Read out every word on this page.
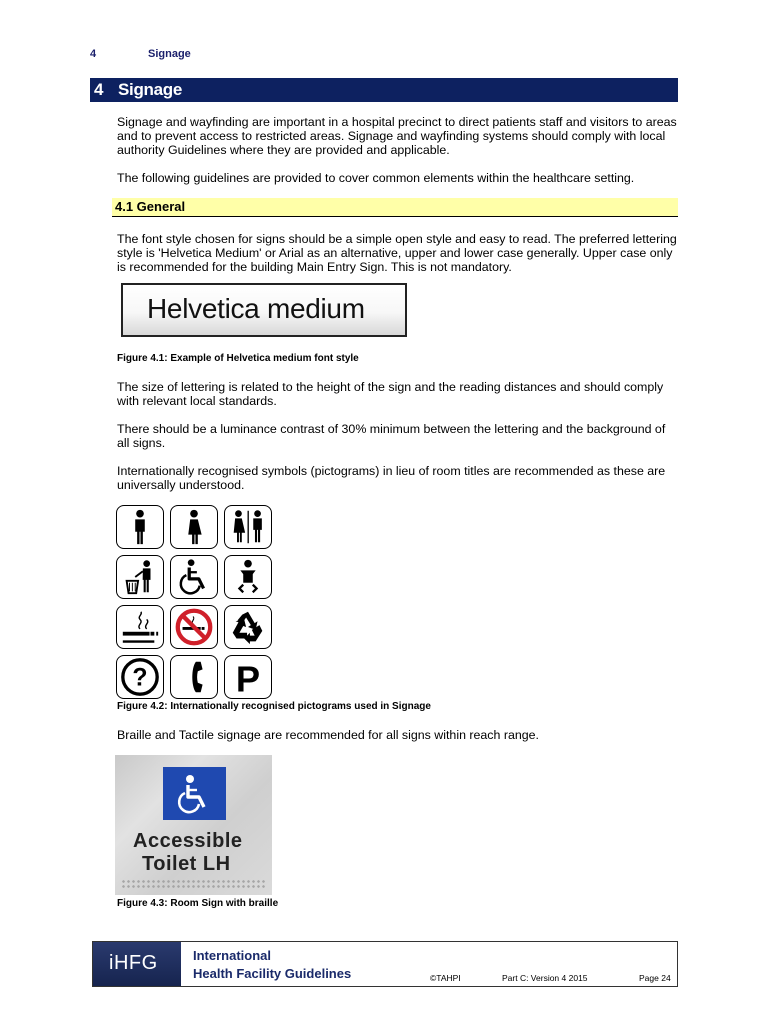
4	Signage
4 Signage
Signage and wayfinding are important in a hospital precinct to direct patients staff and visitors to areas and to prevent access to restricted areas. Signage and wayfinding systems should comply with local authority Guidelines where they are provided and applicable.
The following guidelines are provided to cover common elements within the healthcare setting.
4.1 General
The font style chosen for signs should be a simple open style and easy to read. The preferred lettering style is 'Helvetica Medium' or Arial as an alternative, upper and lower case generally. Upper case only is recommended for the building Main Entry Sign. This is not mandatory.
Helvetica medium
Figure 4.1: Example of Helvetica medium font style
The size of lettering is related to the height of the sign and the reading distances and should comply with relevant local standards.
There should be a luminance contrast of 30% minimum between the lettering and the background of all signs.
Internationally recognised symbols (pictograms) in lieu of room titles are recommended as these are universally understood.
? P
Figure 4.2: Internationally recognised pictograms used in Signage
Braille and Tactile signage are recommended for all signs within reach range.
Accessible
Toilet LH
Figure 4.3: Room Sign with braille
iHFG	International
Health Facility Guidelines	©TAHPI	Part C: Version 4 2015	Page 24
